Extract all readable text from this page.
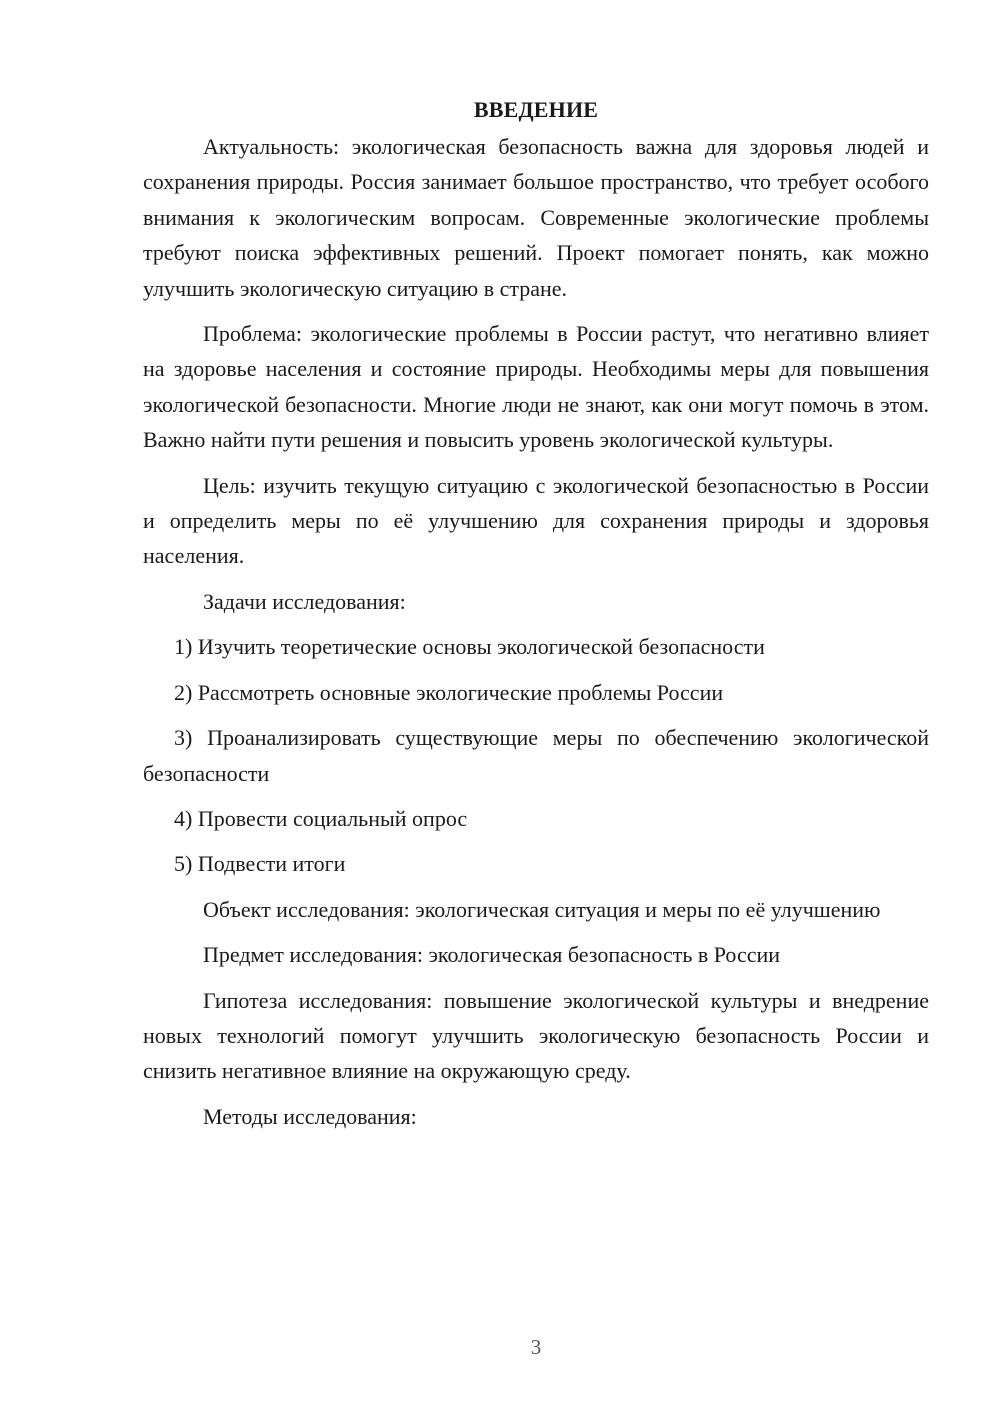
ВВЕДЕНИЕ

Актуальность: экологическая безопасность важна для здоровья людей и сохранения природы. Россия занимает большое пространство, что требует особого внимания к экологическим вопросам. Современные экологические проблемы требуют поиска эффективных решений. Проект помогает понять, как можно улучшить экологическую ситуацию в стране.

Проблема: экологические проблемы в России растут, что негативно влияет на здоровье населения и состояние природы. Необходимы меры для повышения экологической безопасности. Многие люди не знают, как они могут помочь в этом. Важно найти пути решения и повысить уровень экологической культуры.

Цель: изучить текущую ситуацию с экологической безопасностью в России и определить меры по её улучшению для сохранения природы и здоровья населения.

Задачи исследования:

1) Изучить теоретические основы экологической безопасности

2) Рассмотреть основные экологические проблемы России

3) Проанализировать существующие меры по обеспечению экологической безопасности

4) Провести социальный опрос

5) Подвести итоги

Объект исследования: экологическая ситуация и меры по её улучшению

Предмет исследования: экологическая безопасность в России

Гипотеза исследования: повышение экологической культуры и внедрение новых технологий помогут улучшить экологическую безопасность России и снизить негативное влияние на окружающую среду.

Методы исследования:

3
